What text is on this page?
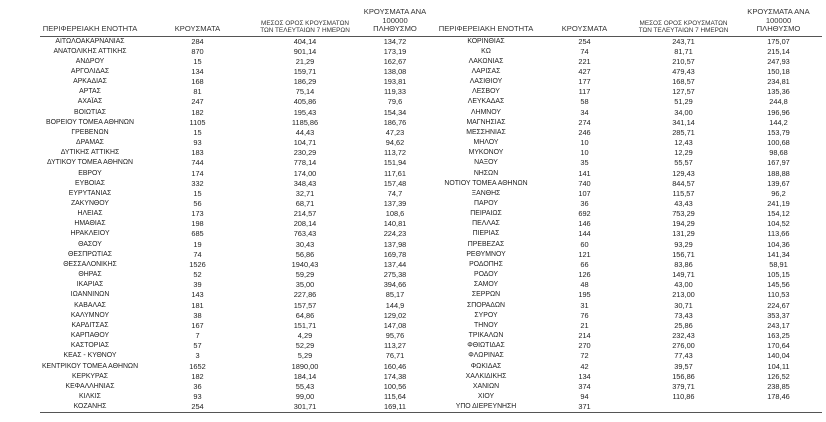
ΠΕΡΙΦΕΡΕΙΑΚΗ ΕΝΟΤΗΤΑ	ΚΡΟΥΣΜΑΤΑ	ΜΕΣΟΣ ΟΡΟΣ ΚΡΟΥΣΜΑΤΩΝ
ΤΩΝ ΤΕΛΕΥΤΑΙΩΝ 7 ΗΜΕΡΩΝ	ΚΡΟΥΣΜΑΤΑ ΑΝΑ 100000
ΠΛΗΘΥΣΜΟ	ΠΕΡΙΦΕΡΕΙΑΚΗ ΕΝΟΤΗΤΑ	ΚΡΟΥΣΜΑΤΑ	ΜΕΣΟΣ ΟΡΟΣ ΚΡΟΥΣΜΑΤΩΝ
ΤΩΝ ΤΕΛΕΥΤΑΙΩΝ 7 ΗΜΕΡΩΝ	ΚΡΟΥΣΜΑΤΑ ΑΝΑ 100000
ΠΛΗΘΥΣΜΟ
ΑΙΤΩΛΟΑΚΑΡΝΑΝΙΑΣ	284	404,14	134,72	ΚΟΡΙΝΘΙΑΣ	254	243,71	175,07
ΑΝΑΤΟΛΙΚΗΣ ΑΤΤΙΚΗΣ	870	901,14	173,19	ΚΩ	74	81,71	215,14
ΑΝΔΡΟΥ	15	21,29	162,67	ΛΑΚΩΝΙΑΣ	221	210,57	247,93
ΑΡΓΟΛΙΔΑΣ	134	159,71	138,08	ΛΑΡΙΣΑΣ	427	479,43	150,18
ΑΡΚΑΔΙΑΣ	168	186,29	193,81	ΛΑΣΙΘΙΟΥ	177	168,57	234,81
ΑΡΤΑΣ	81	75,14	119,33	ΛΕΣΒΟΥ	117	127,57	135,36
ΑΧΑΪΑΣ	247	405,86	79,6	ΛΕΥΚΑΔΑΣ	58	51,29	244,8
ΒΟΙΩΤΙΑΣ	182	195,43	154,34	ΛΗΜΝΟΥ	34	34,00	196,96
ΒΟΡΕΙΟΥ ΤΟΜΕΑ ΑΘΗΝΩΝ	1105	1185,86	186,76	ΜΑΓΝΗΣΙΑΣ	274	341,14	144,2
ΓΡΕΒΕΝΩΝ	15	44,43	47,23	ΜΕΣΣΗΝΙΑΣ	246	285,71	153,79
ΔΡΑΜΑΣ	93	104,71	94,62	ΜΗΛΟΥ	10	12,43	100,68
ΔΥΤΙΚΗΣ ΑΤΤΙΚΗΣ	183	230,29	113,72	ΜΥΚΟΝΟΥ	10	12,29	98,68
ΔΥΤΙΚΟΥ ΤΟΜΕΑ ΑΘΗΝΩΝ	744	778,14	151,94	ΝΑΞΟΥ	35	55,57	167,97
ΕΒΡΟΥ	174	174,00	117,61	ΝΗΣΩΝ	141	129,43	188,88
ΕΥΒΟΙΑΣ	332	348,43	157,48	ΝΟΤΙΟΥ ΤΟΜΕΑ ΑΘΗΝΩΝ	740	844,57	139,67
ΕΥΡΥΤΑΝΙΑΣ	15	32,71	74,7	ΞΑΝΘΗΣ	107	115,57	96,2
ΖΑΚΥΝΘΟΥ	56	68,71	137,39	ΠΑΡΟΥ	36	43,43	241,19
ΗΛΕΙΑΣ	173	214,57	108,6	ΠΕΙΡΑΙΩΣ	692	753,29	154,12
ΗΜΑΘΙΑΣ	198	208,14	140,81	ΠΕΛΛΑΣ	146	194,29	104,52
ΗΡΑΚΛΕΙΟΥ	685	763,43	224,23	ΠΙΕΡΙΑΣ	144	131,29	113,66
ΘΑΣΟΥ	19	30,43	137,98	ΠΡΕΒΕΖΑΣ	60	93,29	104,36
ΘΕΣΠΡΩΤΙΑΣ	74	56,86	169,78	ΡΕΘΥΜΝΟΥ	121	156,71	141,34
ΘΕΣΣΑΛΟΝΙΚΗΣ	1526	1940,43	137,44	ΡΟΔΟΠΗΣ	66	83,86	58,91
ΘΗΡΑΣ	52	59,29	275,38	ΡΟΔΟΥ	126	149,71	105,15
ΙΚΑΡΙΑΣ	39	35,00	394,66	ΣΑΜΟΥ	48	43,00	145,56
ΙΩΑΝΝΙΝΩΝ	143	227,86	85,17	ΣΕΡΡΩΝ	195	213,00	110,53
ΚΑΒΑΛΑΣ	181	157,57	144,9	ΣΠΟΡΑΔΩΝ	31	30,71	224,67
ΚΑΛΥΜΝΟΥ	38	64,86	129,02	ΣΥΡΟΥ	76	73,43	353,37
ΚΑΡΔΙΤΣΑΣ	167	151,71	147,08	ΤΗΝΟΥ	21	25,86	243,17
ΚΑΡΠΑΘΟΥ	7	4,29	95,76	ΤΡΙΚΑΛΩΝ	214	232,43	163,25
ΚΑΣΤΟΡΙΑΣ	57	52,29	113,27	ΦΘΙΩΤΙΔΑΣ	270	276,00	170,64
ΚΕΑΣ - ΚΥΘΝΟΥ	3	5,29	76,71	ΦΛΩΡΙΝΑΣ	72	77,43	140,04
ΚΕΝΤΡΙΚΟΥ ΤΟΜΕΑ ΑΘΗΝΩΝ	1652	1890,00	160,46	ΦΩΚΙΔΑΣ	42	39,57	104,11
ΚΕΡΚΥΡΑΣ	182	184,14	174,38	ΧΑΛΚΙΔΙΚΗΣ	134	156,86	126,52
ΚΕΦΑΛΛΗΝΙΑΣ	36	55,43	100,56	ΧΑΝΙΩΝ	374	379,71	238,85
ΚΙΛΚΙΣ	93	99,00	115,64	ΧΙΟΥ	94	110,86	178,46
ΚΟΖΑΝΗΣ	254	301,71	169,11	ΥΠΟ ΔΙΕΡΕΥΝΗΣΗ	371		
